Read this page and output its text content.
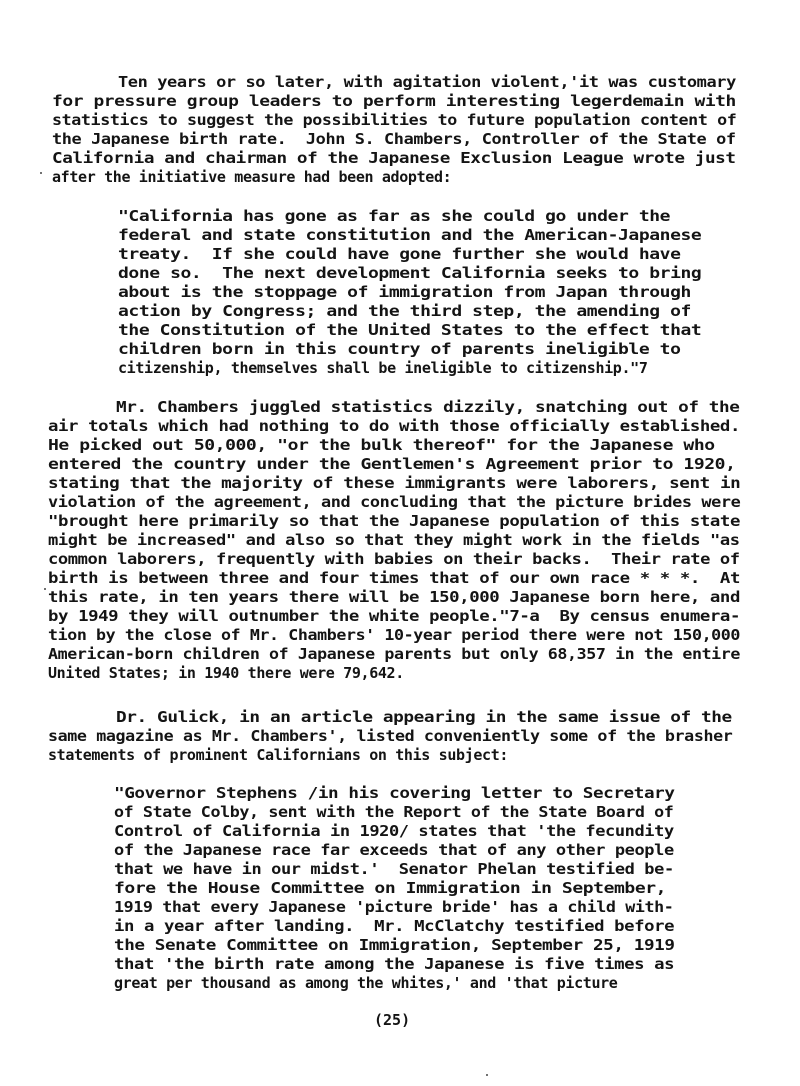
Ten years or so later, with agitation violent,'it was customary
for pressure group leaders to perform interesting legerdemain with
statistics to suggest the possibilities to future population content of
the Japanese birth rate.  John S. Chambers, Controller of the State of
California and chairman of the Japanese Exclusion League wrote just
after the initiative measure had been adopted:
"California has gone as far as she could go under the
federal and state constitution and the American-Japanese
treaty.  If she could have gone further she would have
done so.  The next development California seeks to bring
about is the stoppage of immigration from Japan through
action by Congress; and the third step, the amending of
the Constitution of the United States to the effect that
children born in this country of parents ineligible to
citizenship, themselves shall be ineligible to citizenship."7
Mr. Chambers juggled statistics dizzily, snatching out of the
air totals which had nothing to do with those officially established.
He picked out 50,000, "or the bulk thereof" for the Japanese who
entered the country under the Gentlemen's Agreement prior to 1920,
stating that the majority of these immigrants were laborers, sent in
violation of the agreement, and concluding that the picture brides were
"brought here primarily so that the Japanese population of this state
might be increased" and also so that they might work in the fields "as
common laborers, frequently with babies on their backs.  Their rate of
birth is between three and four times that of our own race * * *.  At
this rate, in ten years there will be 150,000 Japanese born here, and
by 1949 they will outnumber the white people."7-a  By census enumera-
tion by the close of Mr. Chambers' 10-year period there were not 150,000
American-born children of Japanese parents but only 68,357 in the entire
United States; in 1940 there were 79,642.
Dr. Gulick, in an article appearing in the same issue of the
same magazine as Mr. Chambers', listed conveniently some of the brasher
statements of prominent Californians on this subject:
"Governor Stephens /in his covering letter to Secretary
of State Colby, sent with the Report of the State Board of
Control of California in 1920/ states that 'the fecundity
of the Japanese race far exceeds that of any other people
that we have in our midst.'  Senator Phelan testified be-
fore the House Committee on Immigration in September,
1919 that every Japanese 'picture bride' has a child with-
in a year after landing.  Mr. McClatchy testified before
the Senate Committee on Immigration, September 25, 1919
that 'the birth rate among the Japanese is five times as
great per thousand as among the whites,' and 'that picture
(25)
